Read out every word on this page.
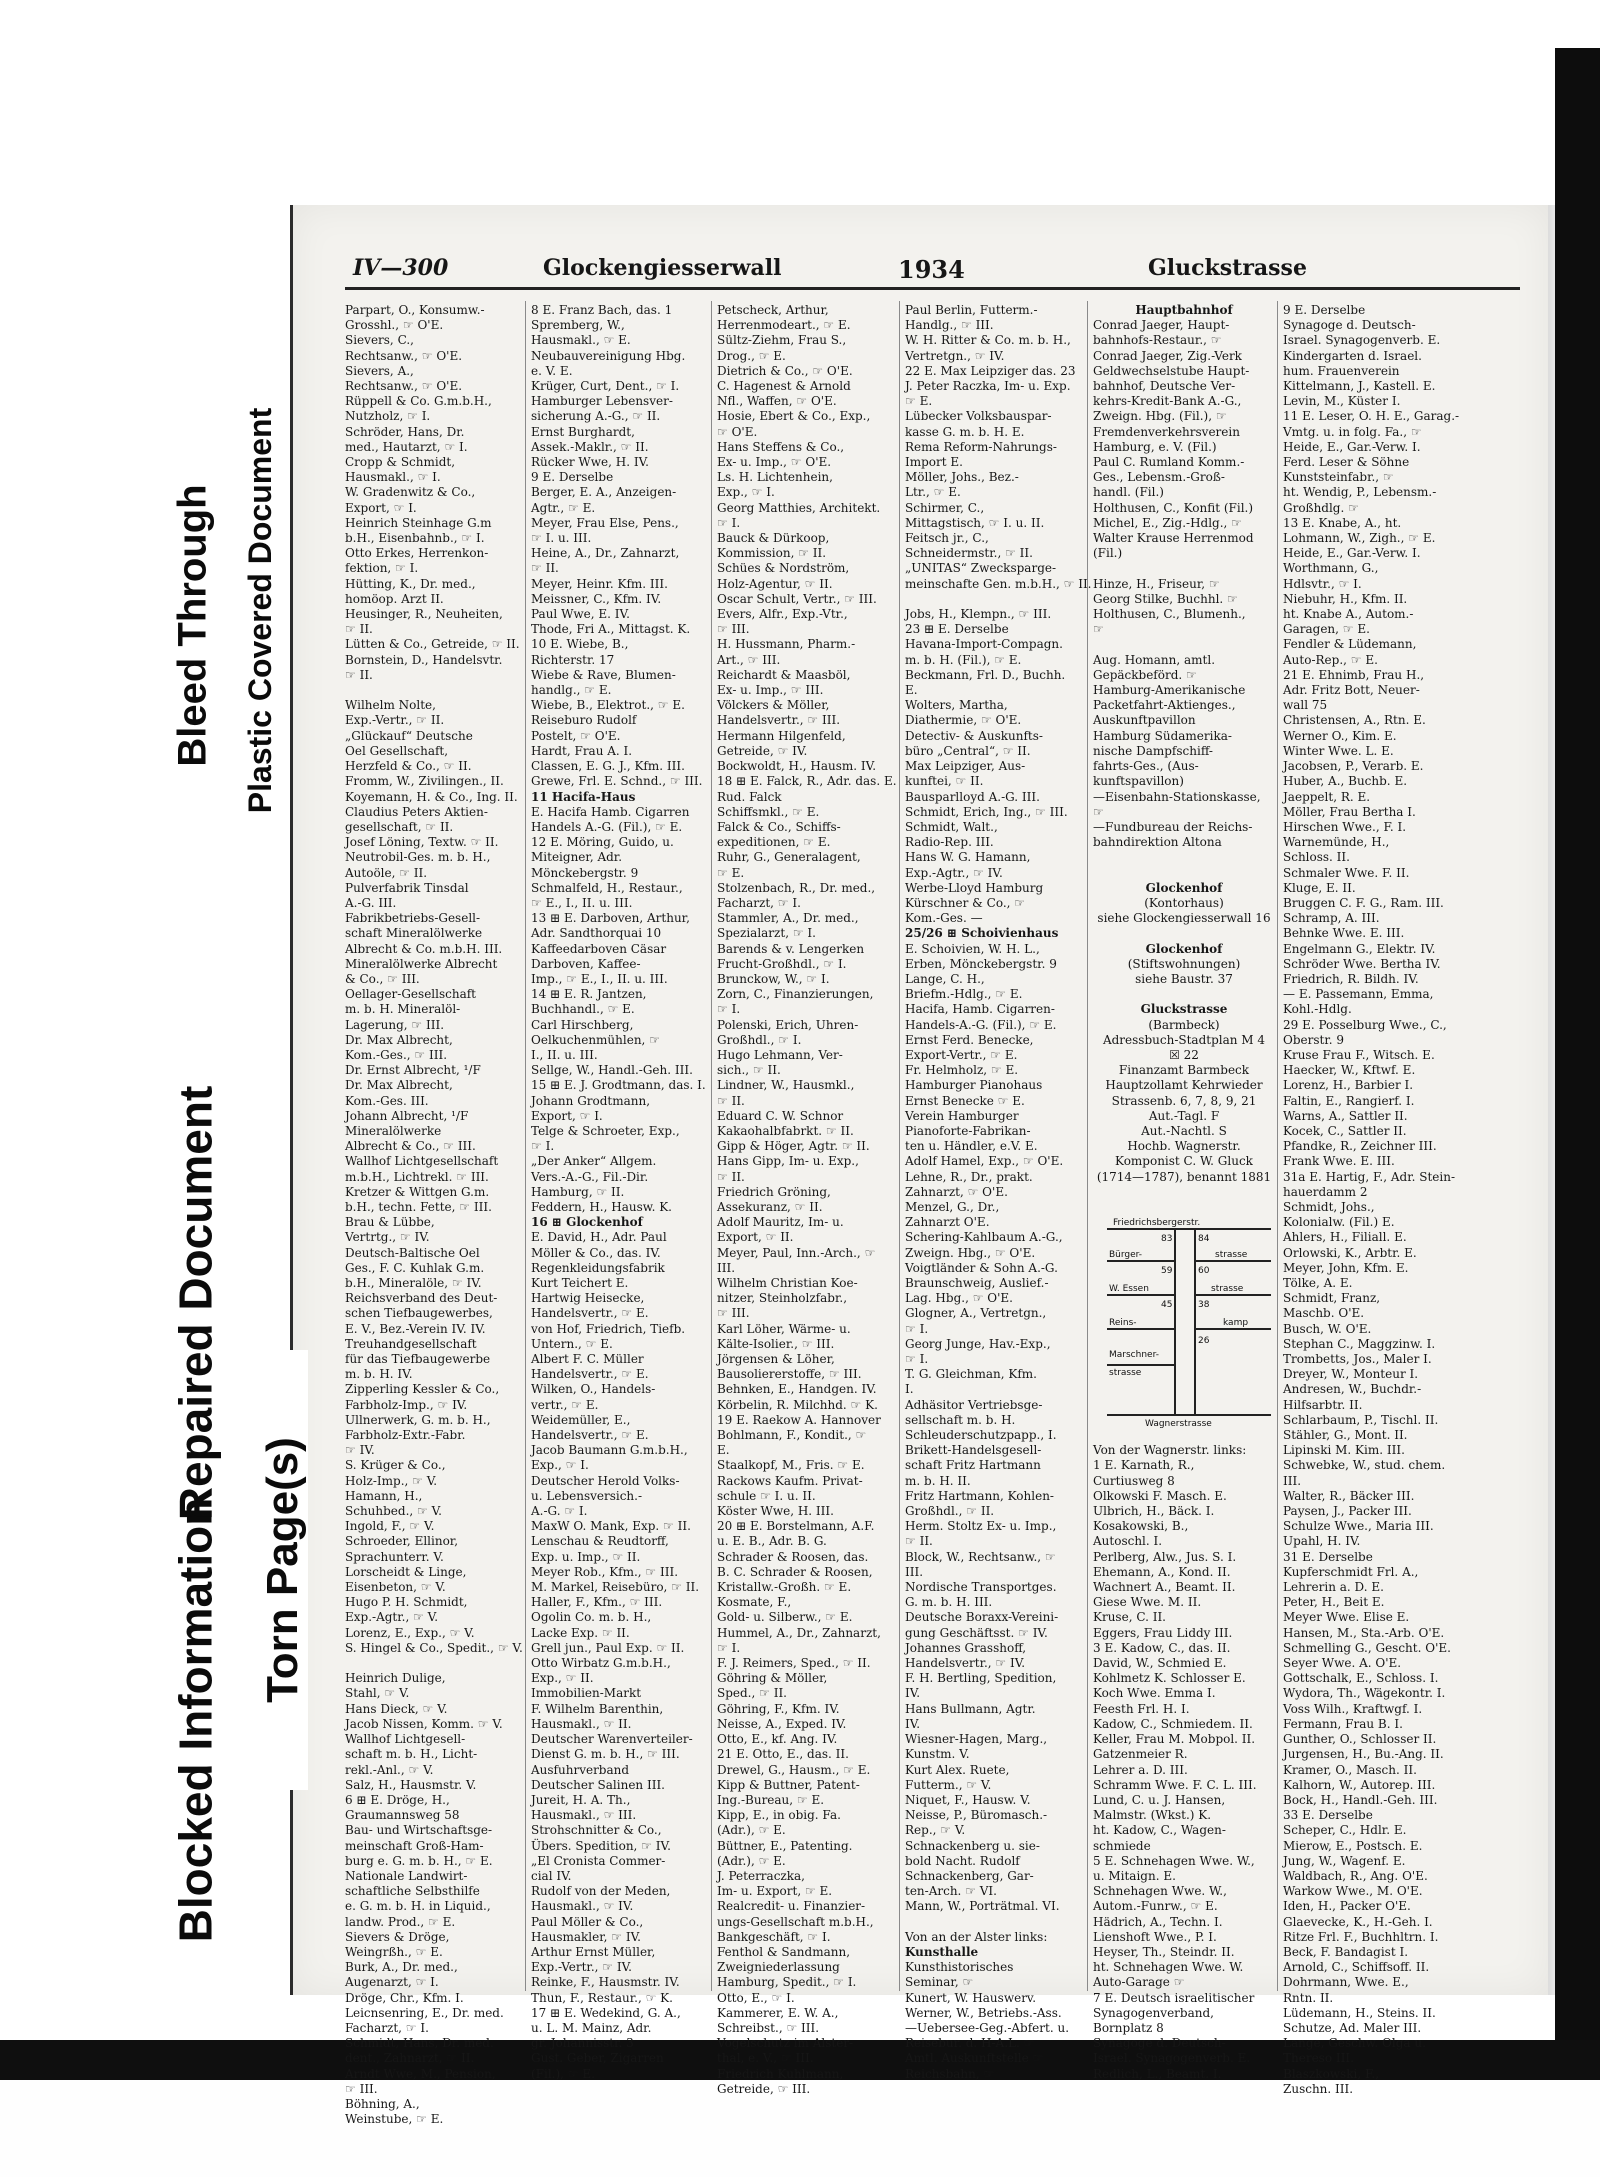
IV—300	Glockengiesserwall	1934	Gluckstrasse
Parpart, O., Konsumw.-
Grosshl., ☞ O'E.
Sievers, C.,
Rechtsanw., ☞ O'E.
Sievers, A.,
Rechtsanw., ☞ O'E.
Rüppell & Co. G.m.b.H.,
Nutzholz, ☞ I.
Schröder, Hans, Dr.
med., Hautarzt, ☞ I.
Cropp & Schmidt,
Hausmakl., ☞ I.
W. Gradenwitz & Co.,
Export, ☞ I.
Heinrich Steinhage G.m
b.H., Eisenbahnb., ☞ I.
Otto Erkes, Herrenkon-
fektion, ☞ I.
Hütting, K., Dr. med.,
homöop. Arzt II.
Heusinger, R., Neuheiten,
☞ II.
Lütten & Co., Getreide, ☞ II.
Bornstein, D., Handelsvtr.
☞ II.

Wilhelm Nolte,
Exp.-Vertr., ☞ II.
„Glückauf“ Deutsche
Oel Gesellschaft,
Herzfeld & Co., ☞ II.
Fromm, W., Zivilingen., II.
Koyemann, H. & Co., Ing. II.
Claudius Peters Aktien-
gesellschaft, ☞ II.
Josef Löning, Textw. ☞ II.
Neutrobil-Ges. m. b. H.,
Autoöle, ☞ II.
Pulverfabrik Tinsdal
A.-G. III.
Fabrikbetriebs-Gesell-
schaft Mineralölwerke
Albrecht & Co. m.b.H. III.
Mineralölwerke Albrecht
& Co., ☞ III.
Oellager-Gesellschaft
m. b. H. Mineralöl-
Lagerung, ☞ III.
Dr. Max Albrecht,
Kom.-Ges., ☞ III.
Dr. Ernst Albrecht, ¹/F
Dr. Max Albrecht,
Kom.-Ges. III.
Johann Albrecht, ¹/F
Mineralölwerke
Albrecht & Co., ☞ III.
Wallhof Lichtgesellschaft
m.b.H., Lichtrekl. ☞ III.
Kretzer & Wittgen G.m.
b.H., techn. Fette, ☞ III.
Brau & Lübbe,
Vertrtg., ☞ IV.
Deutsch-Baltische Oel
Ges., F. C. Kuhlak G.m.
b.H., Mineralöle, ☞ IV.
Reichsverband des Deut-
schen Tiefbaugewerbes,
E. V., Bez.-Verein IV. IV.
Treuhandgesellschaft
für das Tiefbaugewerbe
m. b. H. IV.
Zipperling Kessler & Co.,
Farbholz-Imp., ☞ IV.
Ullnerwerk, G. m. b. H.,
Farbholz-Extr.-Fabr.
☞ IV.
S. Krüger & Co.,
Holz-Imp., ☞ V.
Hamann, H.,
Schuhbed., ☞ V.
Ingold, F., ☞ V.
Schroeder, Ellinor,
Sprachunterr. V.
Lorscheidt & Linge,
Eisenbeton, ☞ V.
Hugo P. H. Schmidt,
Exp.-Agtr., ☞ V.
Lorenz, E., Exp., ☞ V.
S. Hingel & Co., Spedit., ☞ V.

Heinrich Dulige,
Stahl, ☞ V.
Hans Dieck, ☞ V.
Jacob Nissen, Komm. ☞ V.
Wallhof Lichtgesell-
schaft m. b. H., Licht-
rekl.-Anl., ☞ V.
Salz, H., Hausmstr. V.
6 ⊞ E. Dröge, H.,
Graumannsweg 58
Bau- und Wirtschaftsge-
meinschaft Groß-Ham-
burg e. G. m. b. H., ☞ E.
Nationale Landwirt-
schaftliche Selbsthilfe
e. G. m. b. H. in Liquid.,
landw. Prod., ☞ E.
Sievers & Dröge,
Weingrßh., ☞ E.
Burk, A., Dr. med.,
Augenarzt, ☞ I.
Dröge, Chr., Kfm. I.
Leicnsenring, E., Dr. med.
Facharzt, ☞ I.
Schmidt, Hans, Dr. med.
dent., Zahnarzt, ☞ II.
Arndt Wwe, M., Pension,
☞ III.
Böhning, A.,
Weinstube, ☞ E.
8 E. Franz Bach, das. 1
Spremberg, W.,
Hausmakl., ☞ E.
Neubauvereinigung Hbg.
e. V. E.
Krüger, Curt, Dent., ☞ I.
Hamburger Lebensver-
sicherung A.-G., ☞ II.
Ernst Burghardt,
Assek.-Maklr., ☞ II.
Rücker Wwe, H. IV.
9 E. Derselbe
Berger, E. A., Anzeigen-
Agtr., ☞ E.
Meyer, Frau Else, Pens.,
☞ I. u. III.
Heine, A., Dr., Zahnarzt,
☞ II.
Meyer, Heinr. Kfm. III.
Meissner, C., Kfm. IV.
Paul Wwe, E. IV.
Thode, Fri A., Mittagst. K.
10 E. Wiebe, B.,
Richterstr. 17
Wiebe & Rave, Blumen-
handlg., ☞ E.
Wiebe, B., Elektrot., ☞ E.
Reiseburo Rudolf
Postelt, ☞ O'E.
Hardt, Frau A. I.
Classen, E. G. J., Kfm. III.
Grewe, Frl. E. Schnd., ☞ III.
11 Hacifa-Haus
E. Hacifa Hamb. Cigarren
Handels A.-G. (Fil.), ☞ E.
12 E. Möring, Guido, u.
Miteigner, Adr.
Mönckebergstr. 9
Schmalfeld, H., Restaur.,
☞ E., I., II. u. III.
13 ⊞ E. Darboven, Arthur,
Adr. Sandthorquai 10
Kaffeedarboven Cäsar
Darboven, Kaffee-
Imp., ☞ E., I., II. u. III.
14 ⊞ E. R. Jantzen,
Buchhandl., ☞ E.
Carl Hirschberg,
Oelkuchenmühlen, ☞
I., II. u. III.
Sellge, W., Handl.-Geh. III.
15 ⊞ E. J. Grodtmann, das. I.
Johann Grodtmann,
Export, ☞ I.
Telge & Schroeter, Exp.,
☞ I.
„Der Anker“ Allgem.
Vers.-A.-G., Fil.-Dir.
Hamburg, ☞ II.
Feddern, H., Hausw. K.
16 ⊞ Glockenhof
E. David, H., Adr. Paul
Möller & Co., das. IV.
Regenkleidungsfabrik
Kurt Teichert E.
Hartwig Heisecke,
Handelsvertr., ☞ E.
von Hof, Friedrich, Tiefb.
Untern., ☞ E.
Albert F. C. Müller
Handelsvertr., ☞ E.
Wilken, O., Handels-
vertr., ☞ E.
Weidemüller, E.,
Handelsvertr., ☞ E.
Jacob Baumann G.m.b.H.,
Exp., ☞ I.
Deutscher Herold Volks-
u. Lebensversich.-
A.-G. ☞ I.
MaxW O. Mank, Exp. ☞ II.
Lenschau & Reudtorff,
Exp. u. Imp., ☞ II.
Meyer Rob., Kfm., ☞ III.
M. Markel, Reisebüro, ☞ II.
Haller, F., Kfm., ☞ III.
Ogolin Co. m. b. H.,
Lacke Exp. ☞ II.
Grell jun., Paul Exp. ☞ II.
Otto Wirbatz G.m.b.H.,
Exp., ☞ II.
Immobilien-Markt
F. Wilhelm Barenthin,
Hausmakl., ☞ II.
Deutscher Warenverteiler-
Dienst G. m. b. H., ☞ III.
Ausfuhrverband
Deutscher Salinen III.
Jureit, H. A. Th.,
Hausmakl., ☞ III.
Strohschnitter & Co.,
Übers. Spedition, ☞ IV.
„El Cronista Commer-
cial IV.
Rudolf von der Meden,
Hausmakl., ☞ IV.
Paul Möller & Co.,
Hausmakler, ☞ IV.
Arthur Ernst Müller,
Exp.-Vertr., ☞ IV.
Reinke, F., Hausmstr. IV.
Thun, F., Restaur., ☞ K.
17 ⊞ E. Wedekind, G. A.,
u. L. M. Mainz, Adr.
gr. Johannisstr. 3
Gust. Geber, Zigarren
(Fil.), ☞ E.
Petscheck, Arthur,
Herrenmodeart., ☞ E.
Sültz-Ziehm, Frau S.,
Drog., ☞ E.
Dietrich & Co., ☞ O'E.
C. Hagenest & Arnold
Nfl., Waffen, ☞ O'E.
Hosie, Ebert & Co., Exp.,
☞ O'E.
Hans Steffens & Co.,
Ex- u. Imp., ☞ O'E.
Ls. H. Lichtenhein,
Exp., ☞ I.
Georg Matthies, Architekt.
☞ I.
Bauck & Dürkoop,
Kommission, ☞ II.
Schües & Nordström,
Holz-Agentur, ☞ II.
Oscar Schult, Vertr., ☞ III.
Evers, Alfr., Exp.-Vtr.,
☞ III.
H. Hussmann, Pharm.-
Art., ☞ III.
Reichardt & Maasböl,
Ex- u. Imp., ☞ III.
Völckers & Möller,
Handelsvertr., ☞ III.
Hermann Hilgenfeld,
Getreide, ☞ IV.
Bockwoldt, H., Hausm. IV.
18 ⊞ E. Falck, R., Adr. das. E.
Rud. Falck
Schiffsmkl., ☞ E.
Falck & Co., Schiffs-
expeditionen, ☞ E.
Ruhr, G., Generalagent,
☞ E.
Stolzenbach, R., Dr. med.,
Facharzt, ☞ I.
Stammler, A., Dr. med.,
Spezialarzt, ☞ I.
Barends & v. Lengerken
Frucht-Großhdl., ☞ I.
Brunckow, W., ☞ I.
Zorn, C., Finanzierungen,
☞ I.
Polenski, Erich, Uhren-
Großhdl., ☞ I.
Hugo Lehmann, Ver-
sich., ☞ II.
Lindner, W., Hausmkl.,
☞ II.
Eduard C. W. Schnor
Kakaohalbfabrkt. ☞ II.
Gipp & Höger, Agtr. ☞ II.
Hans Gipp, Im- u. Exp.,
☞ II.
Friedrich Gröning,
Assekuranz, ☞ II.
Adolf Mauritz, Im- u.
Export, ☞ II.
Meyer, Paul, Inn.-Arch., ☞
III.
Wilhelm Christian Koe-
nitzer, Steinholzfabr.,
☞ III.
Karl Löher, Wärme- u.
Kälte-Isolier., ☞ III.
Jörgensen & Löher,
Bausoliererstoffe, ☞ III.
Behnken, E., Handgen. IV.
Körbelin, R. Milchhd. ☞ K.
19 E. Raekow A. Hannover
Bohlmann, F., Kondit., ☞
E.
Staalkopf, M., Fris. ☞ E.
Rackows Kaufm. Privat-
schule ☞ I. u. II.
Köster Wwe, H. III.
20 ⊞ E. Borstelmann, A.F.
u. E. B., Adr. B. G.
Schrader & Roosen, das.
B. C. Schrader & Roosen,
Kristallw.-Großh. ☞ E.
Kosmate, F.,
Gold- u. Silberw., ☞ E.
Hummel, A., Dr., Zahnarzt,
☞ I.
F. J. Reimers, Sped., ☞ II.
Göhring & Möller,
Sped., ☞ II.
Göhring, F., Kfm. IV.
Neisse, A., Exped. IV.
Otto, E., kf. Ang. IV.
21 E. Otto, E., das. II.
Drewel, G., Hausm., ☞ E.
Kipp & Buttner, Patent-
Ing.-Bureau, ☞ E.
Kipp, E., in obig. Fa.
(Adr.), ☞ E.
Büttner, E., Patenting.
(Adr.), ☞ E.
J. Peterraczka,
Im- u. Export, ☞ E.
Realcredit- u. Finanzier-
ungs-Gesellschaft m.b.H.,
Bankgeschäft, ☞ I.
Fenthol & Sandmann,
Zweigniederlassung
Hamburg, Spedit., ☞ I.
Otto, E., ☞ I.
Kammerer, E. W. A.,
Schreibst., ☞ III.
Vogelschutz im Alster-
thal, e. V., ☞ III.
Friedrich Kuhlmann,
Getreide, ☞ III.
Paul Berlin, Futterm.-
Handlg., ☞ III.
W. H. Ritter & Co. m. b. H.,
Vertretgn., ☞ IV.
22 E. Max Leipziger das. 23
J. Peter Raczka, Im- u. Exp.
☞ E.
Lübecker Volksbauspar-
kasse G. m. b. H. E.
Rema Reform-Nahrungs-
Import E.
Möller, Johs., Bez.-
Ltr., ☞ E.
Schirmer, C.,
Mittagstisch, ☞ I. u. II.
Feitsch jr., C.,
Schneidermstr., ☞ II.
„UNITAS“ Zwecksparge-
meinschafte Gen. m.b.H., ☞ II.

Jobs, H., Klempn., ☞ III.
23 ⊞ E. Derselbe
Havana-Import-Compagn.
m. b. H. (Fil.), ☞ E.
Beckmann, Frl. D., Buchh.
E.
Wolters, Martha,
Diathermie, ☞ O'E.
Detectiv- & Auskunfts-
büro „Central“, ☞ II.
Max Leipziger, Aus-
kunftei, ☞ II.
Bausparlloyd A.-G. III.
Schmidt, Erich, Ing., ☞ III.
Schmidt, Walt.,
Radio-Rep. III.
Hans W. G. Hamann,
Exp.-Agtr., ☞ IV.
Werbe-Lloyd Hamburg
Kürschner & Co., ☞
Kom.-Ges. —
25/26 ⊞ Schoivienhaus
E. Schoivien, W. H. L.,
Erben, Mönckebergstr. 9
Lange, C. H.,
Briefm.-Hdlg., ☞ E.
Hacifa, Hamb. Cigarren-
Handels-A.-G. (Fil.), ☞ E.
Ernst Ferd. Benecke,
Export-Vertr., ☞ E.
Fr. Helmholz, ☞ E.
Hamburger Pianohaus
Ernst Benecke ☞ E.
Verein Hamburger
Pianoforte-Fabrikan-
ten u. Händler, e.V. E.
Adolf Hamel, Exp., ☞ O'E.
Lehne, R., Dr., prakt.
Zahnarzt, ☞ O'E.
Menzel, G., Dr.,
Zahnarzt O'E.
Schering-Kahlbaum A.-G.,
Zweign. Hbg., ☞ O'E.
Voigtländer & Sohn A.-G.
Braunschweig, Auslief.-
Lag. Hbg., ☞ O'E.
Glogner, A., Vertretgn.,
☞ I.
Georg Junge, Hav.-Exp.,
☞ I.
T. G. Gleichman, Kfm.
I.
Adhäsitor Vertriebsge-
sellschaft m. b. H.
Schleuderschutzpapp., I.
Brikett-Handelsgesell-
schaft Fritz Hartmann
m. b. H. II.
Fritz Hartmann, Kohlen-
Großhdl., ☞ II.
Herm. Stoltz Ex- u. Imp.,
☞ II.
Block, W., Rechtsanw., ☞
III.
Nordische Transportges.
G. m. b. H. III.
Deutsche Boraxx-Vereini-
gung Geschäftsst. ☞ IV.
Johannes Grasshoff,
Handelsvertr., ☞ IV.
F. H. Bertling, Spedition,
IV.
Hans Bullmann, Agtr.
IV.
Wiesner-Hagen, Marg.,
Kunstm. V.
Kurt Alex. Ruete,
Futterm., ☞ V.
Niquet, F., Hausw. V.
Neisse, P., Büromasch.-
Rep., ☞ V.
Schnackenberg u. sie-
bold Nacht. Rudolf
Schnackenberg, Gar-
ten-Arch. ☞ VI.
Mann, W., Porträtmal. VI.

Von an der Alster links:
Kunsthalle
Kunsthistorisches
Seminar, ☞
Kunert, W. Hauswerv.
Werner, W., Betriebs.-Ass.
—Uebersee-Geg.-Abfert. u.
Reisebur. d. H-A.L. ☞
Amtl. Auskunftstelle ☞
Reichsbahn, ☞
Hauptbahnhof
Conrad Jaeger, Haupt-
bahnhofs-Restaur., ☞
Conrad Jaeger, Zig.-Verk
Geldwechselstube Haupt-
bahnhof, Deutsche Ver-
kehrs-Kredit-Bank A.-G.,
Zweign. Hbg. (Fil.), ☞
Fremdenverkehrsverein
Hamburg, e. V. (Fil.)
Paul C. Rumland Komm.-
Ges., Lebensm.-Groß-
handl. (Fil.)
Holthusen, C., Konfit (Fil.)
Michel, E., Zig.-Hdlg., ☞
Walter Krause Herrenmod
(Fil.)

Hinze, H., Friseur, ☞
Georg Stilke, Buchhl. ☞
Holthusen, C., Blumenh.,
☞

Aug. Homann, amtl.
Gepäckbeförd. ☞
Hamburg-Amerikanische
Packetfahrt-Aktienges.,
Auskunftpavillon
Hamburg Südamerika-
nische Dampfschiff-
fahrts-Ges., (Aus-
kunftspavillon)
—Eisenbahn-Stationskasse,
☞
—Fundbureau der Reichs-
bahndirektion Altona

Glockenhof
(Kontorhaus)
siehe Glockengiesserwall 16

Glockenhof
(Stiftswohnungen)
siehe Baustr. 37

Gluckstrasse
(Barmbeck)
Adressbuch-Stadtplan M 4
☒ 22
Finanzamt Barmbeck
Hauptzollamt Kehrwieder
Strassenb. 6, 7, 8, 9, 21
Aut.-Tagl. F
Aut.-Nachtl. S
Hochb. Wagnerstr.
Komponist C. W. Gluck
(1714—1787), benannt 1881

Von der Wagnerstr. links:
1 E. Karnath, R.,
Curtiusweg 8
Olkowski F. Masch. E.
Ulbrich, H., Bäck. I.
Kosakowski, B.,
Autoschl. I.
Perlberg, Alw., Jus. S. I.
Ehemann, A., Kond. II.
Wachnert A., Beamt. II.
Giese Wwe. M. II.
Kruse, C. II.
Eggers, Frau Liddy III.
3 E. Kadow, C., das. II.
David, W., Schmied E.
Kohlmetz K. Schlosser E.
Koch Wwe. Emma I.
Feesth Frl. H. I.
Kadow, C., Schmiedem. II.
Keller, Frau M. Mobpol. II.
Gatzenmeier R.
Lehrer a. D. III.
Schramm Wwe. F. C. L. III.
Lund, C. u. J. Hansen,
Malmstr. (Wkst.) K.
ht. Kadow, C., Wagen-
schmiede
5 E. Schnehagen Wwe. W.,
u. Mitaign. E.
Schnehagen Wwe. W.,
Autom.-Funrw., ☞ E.
Hädrich, A., Techn. I.
Lienshoft Wwe., P. I.
Heyser, Th., Steindr. II.
ht. Schnehagen Wwe. W.
Auto-Garage ☞
7 E. Deutsch israelitischer
Synagogenverband,
Bornplatz 8
Synagoge d. Deutsch-
Israel. Synagogenverb. E.
Redlich, L., Beamt. I.
9 E. Derselbe
Synagoge d. Deutsch-
Israel. Synagogenverb. E.
Kindergarten d. Israel.
hum. Frauenverein
Kittelmann, J., Kastell. E.
Levin, M., Küster I.
11 E. Leser, O. H. E., Garag.-
Vmtg. u. in folg. Fa., ☞
Heide, E., Gar.-Verw. I.
Ferd. Leser & Söhne
Kunststeinfabr., ☞
ht. Wendig, P., Lebensm.-
Großhdlg. ☞
13 E. Knabe, A., ht.
Lohmann, W., Zigh., ☞ E.
Heide, E., Gar.-Verw. I.
Worthmann, G.,
Hdlsvtr., ☞ I.
Niebuhr, H., Kfm. II.
ht. Knabe A., Autom.-
Garagen, ☞ E.
Fendler & Lüdemann,
Auto-Rep., ☞ E.
21 E. Ehnimb, Frau H.,
Adr. Fritz Bott, Neuer-
wall 75
Christensen, A., Rtn. E.
Werner O., Kim. E.
Winter Wwe. L. E.
Jacobsen, P., Verarb. E.
Huber, A., Buchb. E.
Jaeppelt, R. E.
Möller, Frau Bertha I.
Hirschen Wwe., F. I.
Warnemünde, H.,
Schloss. II.
Schmaler Wwe. F. II.
Kluge, E. II.
Bruggen C. F. G., Ram. III.
Schramp, A. III.
Behnke Wwe. E. III.
Engelmann G., Elektr. IV.
Schröder Wwe. Bertha IV.
Friedrich, R. Bildh. IV.
— E. Passemann, Emma,
Kohl.-Hdlg.
29 E. Posselburg Wwe., C.,
Oberstr. 9
Kruse Frau F., Witsch. E.
Haecker, W., Kftwf. E.
Lorenz, H., Barbier I.
Faltin, E., Rangierf. I.
Warns, A., Sattler II.
Kocek, C., Sattler II.
Pfandke, R., Zeichner III.
Frank Wwe. E. III.
31a E. Hartig, F., Adr. Stein-
hauerdamm 2
Schmidt, Johs.,
Kolonialw. (Fil.) E.
Ahlers, H., Filiall. E.
Orlowski, K., Arbtr. E.
Meyer, John, Kfm. E.
Tölke, A. E.
Schmidt, Franz,
Maschb. O'E.
Busch, W. O'E.
Stephan C., Maggzinw. I.
Trombetts, Jos., Maler I.
Dreyer, W., Monteur I.
Andresen, W., Buchdr.-
Hilfsarbtr. II.
Schlarbaum, P., Tischl. II.
Stähler, G., Mont. II.
Lipinski M. Kim. III.
Schwebke, W., stud. chem.
III.
Walter, R., Bäcker III.
Paysen, J., Packer III.
Schulze Wwe., Maria III.
Upahl, H. IV.
31 E. Derselbe
Kupferschmidt Frl. A.,
Lehrerin a. D. E.
Peter, H., Beit E.
Meyer Wwe. Elise E.
Hansen, M., Sta.-Arb. O'E.
Schmelling G., Gescht. O'E.
Seyer Wwe. A. O'E.
Gottschalk, E., Schloss. I.
Wydora, Th., Wägekontr. I.
Voss Wilh., Kraftwgf. I.
Fermann, Frau B. I.
Gunther, O., Schlosser II.
Jurgensen, H., Bu.-Ang. II.
Kramer, O., Masch. II.
Kalhorn, W., Autorep. III.
Bock, H., Handl.-Geh. III.
33 E. Derselbe
Scheper, C., Hdlr. E.
Mierow, E., Postsch. E.
Jung, W., Wagenf. E.
Waldbach, R., Ang. O'E.
Warkow Wwe., M. O'E.
Iden, H., Packer O'E.
Glaevecke, K., H.-Geh. I.
Ritze Frl. F., Buchhltrn. I.
Beck, F. Bandagist I.
Arnold, C., Schiffsoff. II.
Dohrmann, Wwe. E.,
Rntn. II.
Lüdemann, H., Steins. II.
Schutze, Ad. Maler III.
Lange, Geschw. Olga u.
Thereso III.
Blaszkowski, F.,
Zuschn. III.
Friedrichsbergerstr.
Bürger-	strasse
W. Essen	strasse
Reins-	kamp
Marschner-
strasse
Wagnerstrasse
83	84
59	60
45	38
26
Bleed Through Plastic Covered Document
Repaired Document
Blocked Information Torn Page(s)
